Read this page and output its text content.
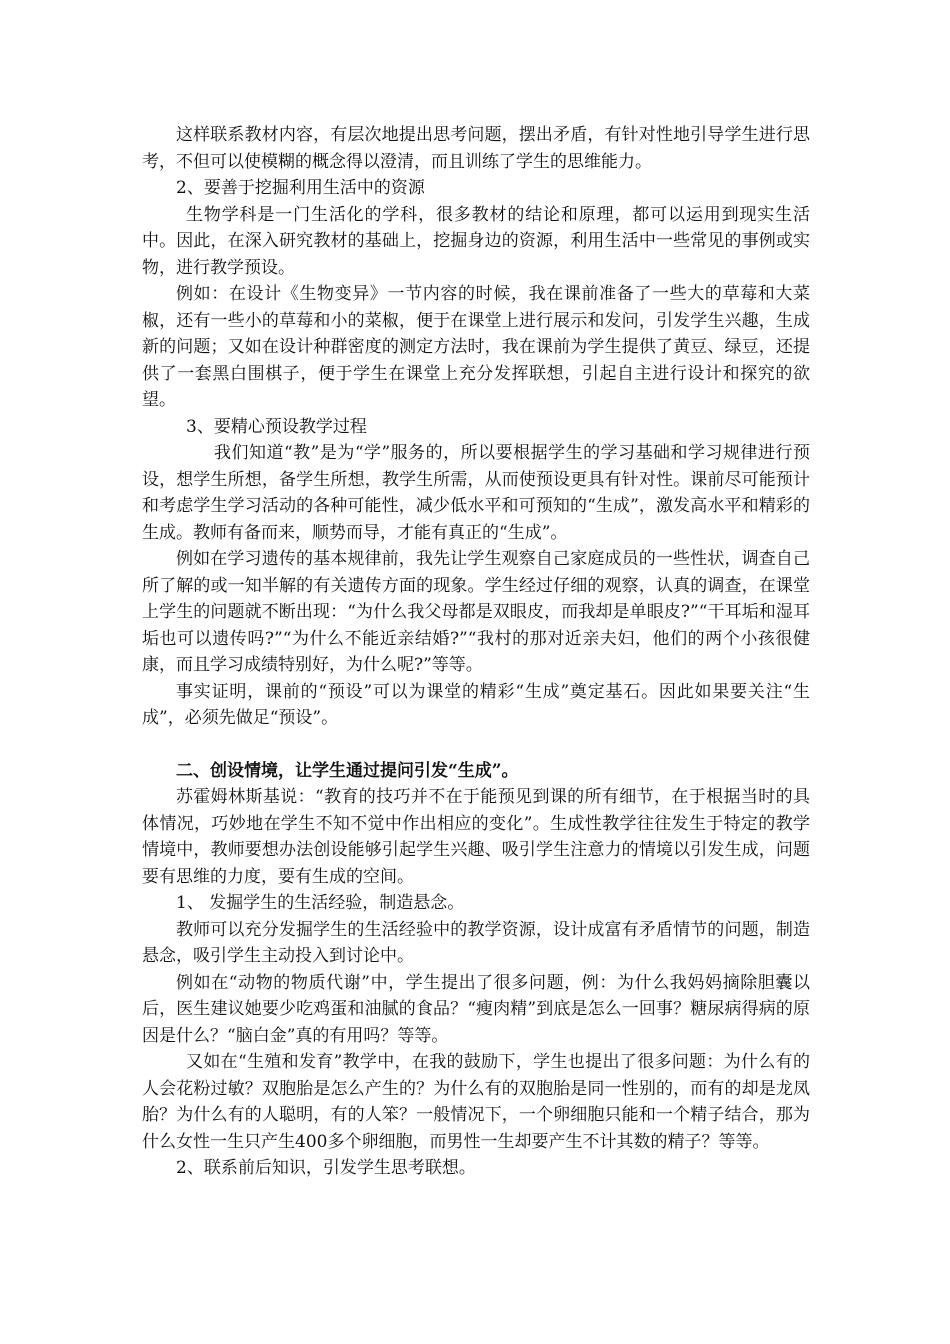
这样联系教材内容，有层次地提出思考问题，摆出矛盾，有针对性地引导学生进行思考，不但可以使模糊的概念得以澄清，而且训练了学生的思维能力。

2、要善于挖掘利用生活中的资源

生物学科是一门生活化的学科，很多教材的结论和原理，都可以运用到现实生活中。因此，在深入研究教材的基础上，挖掘身边的资源，利用生活中一些常见的事例或实物，进行教学预设。

例如：在设计《生物变异》一节内容的时候，我在课前准备了一些大的草莓和大菜椒，还有一些小的草莓和小的菜椒，便于在课堂上进行展示和发问，引发学生兴趣，生成新的问题；又如在设计种群密度的测定方法时，我在课前为学生提供了黄豆、绿豆，还提供了一套黑白围棋子，便于学生在课堂上充分发挥联想，引起自主进行设计和探究的欲望。

3、要精心预设教学过程

我们知道“教”是为“学”服务的，所以要根据学生的学习基础和学习规律进行预设，想学生所想，备学生所想，教学生所需，从而使预设更具有针对性。课前尽可能预计和考虑学生学习活动的各种可能性，减少低水平和可预知的“生成”，激发高水平和精彩的生成。教师有备而来，顺势而导，才能有真正的“生成”。

例如在学习遗传的基本规律前，我先让学生观察自己家庭成员的一些性状，调查自己所了解的或一知半解的有关遗传方面的现象。学生经过仔细的观察，认真的调查，在课堂上学生的问题就不断出现：“为什么我父母都是双眼皮，而我却是单眼皮?”“干耳垢和湿耳垢也可以遗传吗?”“为什么不能近亲结婚?”“我村的那对近亲夫妇，他们的两个小孩很健康，而且学习成绩特别好，为什么呢?”等等。

事实证明，课前的“预设”可以为课堂的精彩“生成”奠定基石。因此如果要关注“生成”，必须先做足“预设”。

二、创设情境，让学生通过提问引发“生成”。

苏霍姆林斯基说：“教育的技巧并不在于能预见到课的所有细节，在于根据当时的具体情况，巧妙地在学生不知不觉中作出相应的变化”。生成性教学往往发生于特定的教学情境中，教师要想办法创设能够引起学生兴趣、吸引学生注意力的情境以引发生成，问题要有思维的力度，要有生成的空间。

1、 发掘学生的生活经验，制造悬念。

教师可以充分发掘学生的生活经验中的教学资源，设计成富有矛盾情节的问题，制造悬念，吸引学生主动投入到讨论中。

例如在“动物的物质代谢”中，学生提出了很多问题，例：为什么我妈妈摘除胆囊以后，医生建议她要少吃鸡蛋和油腻的食品？“瘦肉精”到底是怎么一回事？糖尿病得病的原因是什么？“脑白金”真的有用吗？等等。

又如在“生殖和发育”教学中，在我的鼓励下，学生也提出了很多问题：为什么有的人会花粉过敏？双胞胎是怎么产生的？为什么有的双胞胎是同一性别的，而有的却是龙凤胎？为什么有的人聪明，有的人笨？一般情况下，一个卵细胞只能和一个精子结合，那为什么女性一生只产生400多个卵细胞，而男性一生却要产生不计其数的精子？等等。

2、联系前后知识，引发学生思考联想。
